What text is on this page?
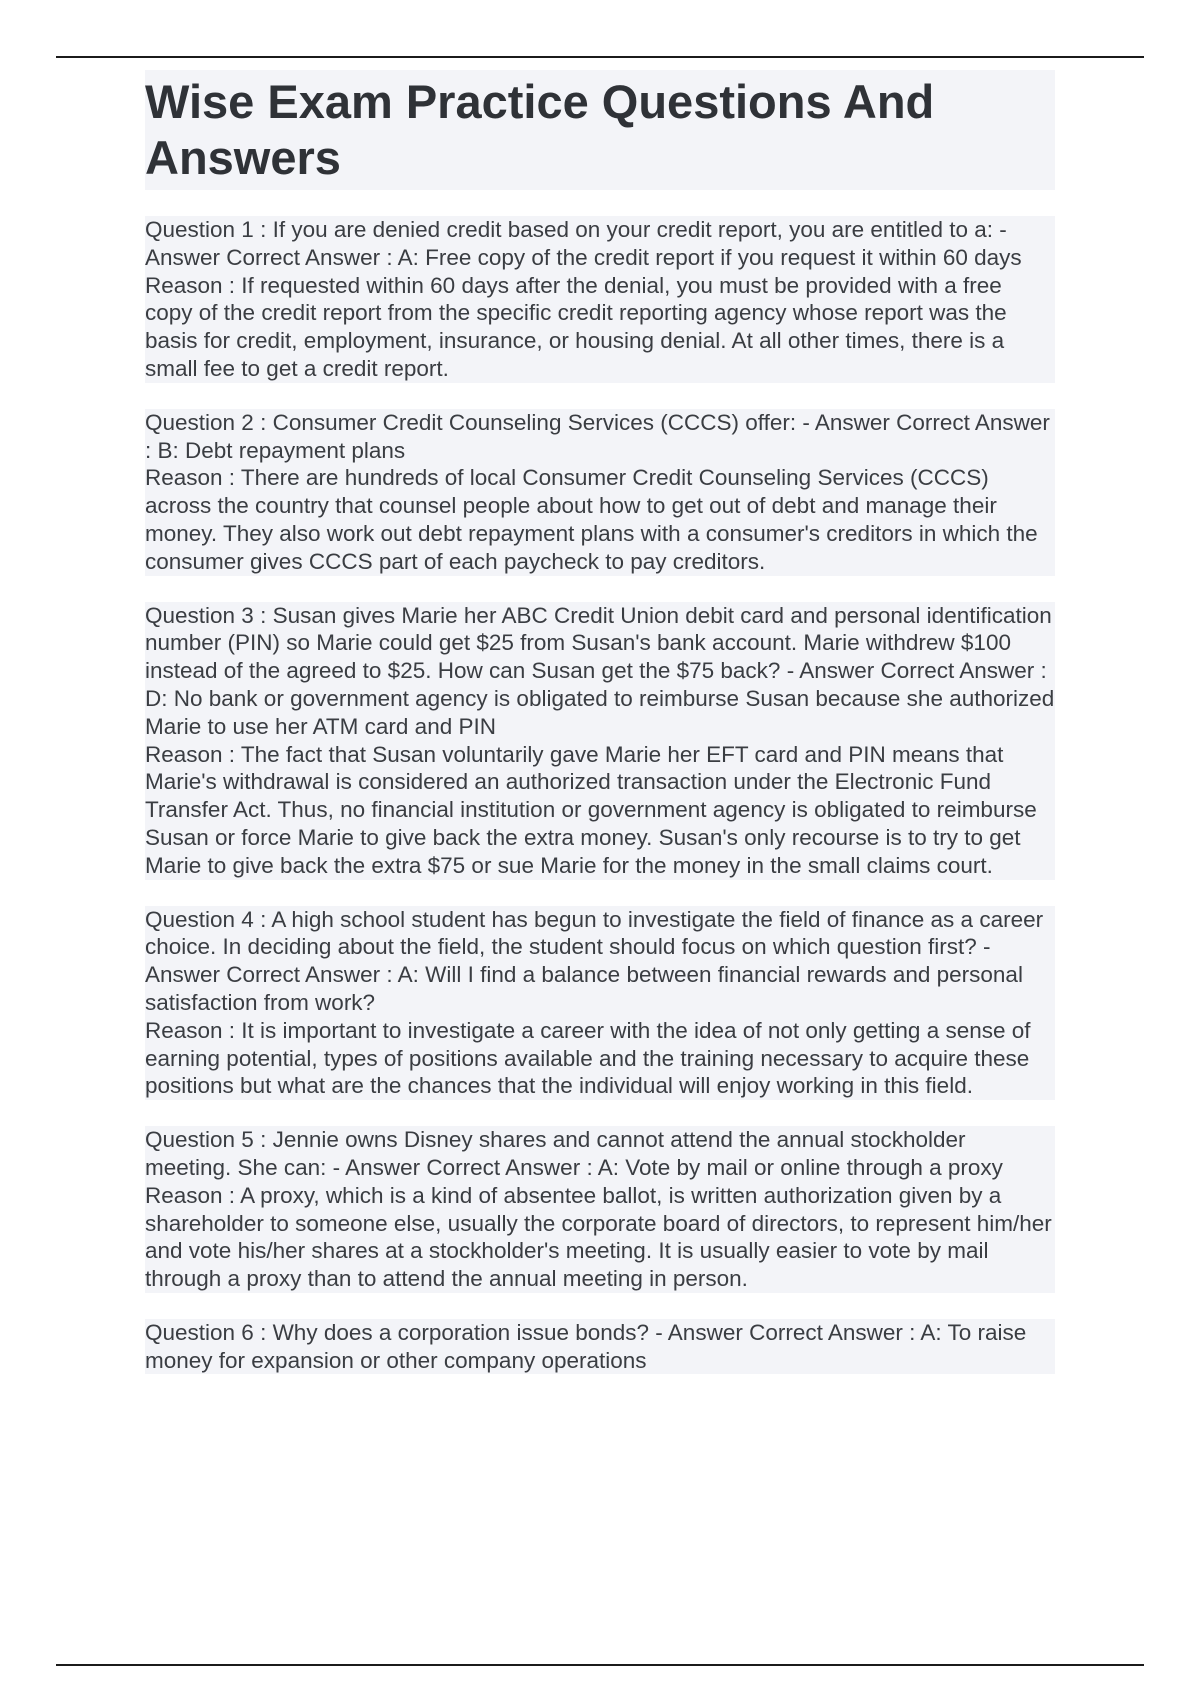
Wise Exam Practice Questions And Answers
Question 1 : If you are denied credit based on your credit report, you are entitled to a: - Answer Correct Answer : A: Free copy of the credit report if you request it within 60 days
Reason : If requested within 60 days after the denial, you must be provided with a free copy of the credit report from the specific credit reporting agency whose report was the basis for credit, employment, insurance, or housing denial. At all other times, there is a small fee to get a credit report.
Question 2 : Consumer Credit Counseling Services (CCCS) offer: - Answer Correct Answer : B: Debt repayment plans
Reason : There are hundreds of local Consumer Credit Counseling Services (CCCS) across the country that counsel people about how to get out of debt and manage their money. They also work out debt repayment plans with a consumer's creditors in which the consumer gives CCCS part of each paycheck to pay creditors.
Question 3 : Susan gives Marie her ABC Credit Union debit card and personal identification number (PIN) so Marie could get $25 from Susan's bank account. Marie withdrew $100 instead of the agreed to $25. How can Susan get the $75 back? - Answer Correct Answer : D: No bank or government agency is obligated to reimburse Susan because she authorized Marie to use her ATM card and PIN
Reason : The fact that Susan voluntarily gave Marie her EFT card and PIN means that Marie's withdrawal is considered an authorized transaction under the Electronic Fund Transfer Act. Thus, no financial institution or government agency is obligated to reimburse Susan or force Marie to give back the extra money. Susan's only recourse is to try to get Marie to give back the extra $75 or sue Marie for the money in the small claims court.
Question 4 : A high school student has begun to investigate the field of finance as a career choice. In deciding about the field, the student should focus on which question first? - Answer Correct Answer : A: Will I find a balance between financial rewards and personal satisfaction from work?
Reason : It is important to investigate a career with the idea of not only getting a sense of earning potential, types of positions available and the training necessary to acquire these positions but what are the chances that the individual will enjoy working in this field.
Question 5 : Jennie owns Disney shares and cannot attend the annual stockholder meeting. She can: - Answer Correct Answer : A: Vote by mail or online through a proxy
Reason : A proxy, which is a kind of absentee ballot, is written authorization given by a shareholder to someone else, usually the corporate board of directors, to represent him/her and vote his/her shares at a stockholder's meeting. It is usually easier to vote by mail through a proxy than to attend the annual meeting in person.
Question 6 : Why does a corporation issue bonds? - Answer Correct Answer : A: To raise money for expansion or other company operations
